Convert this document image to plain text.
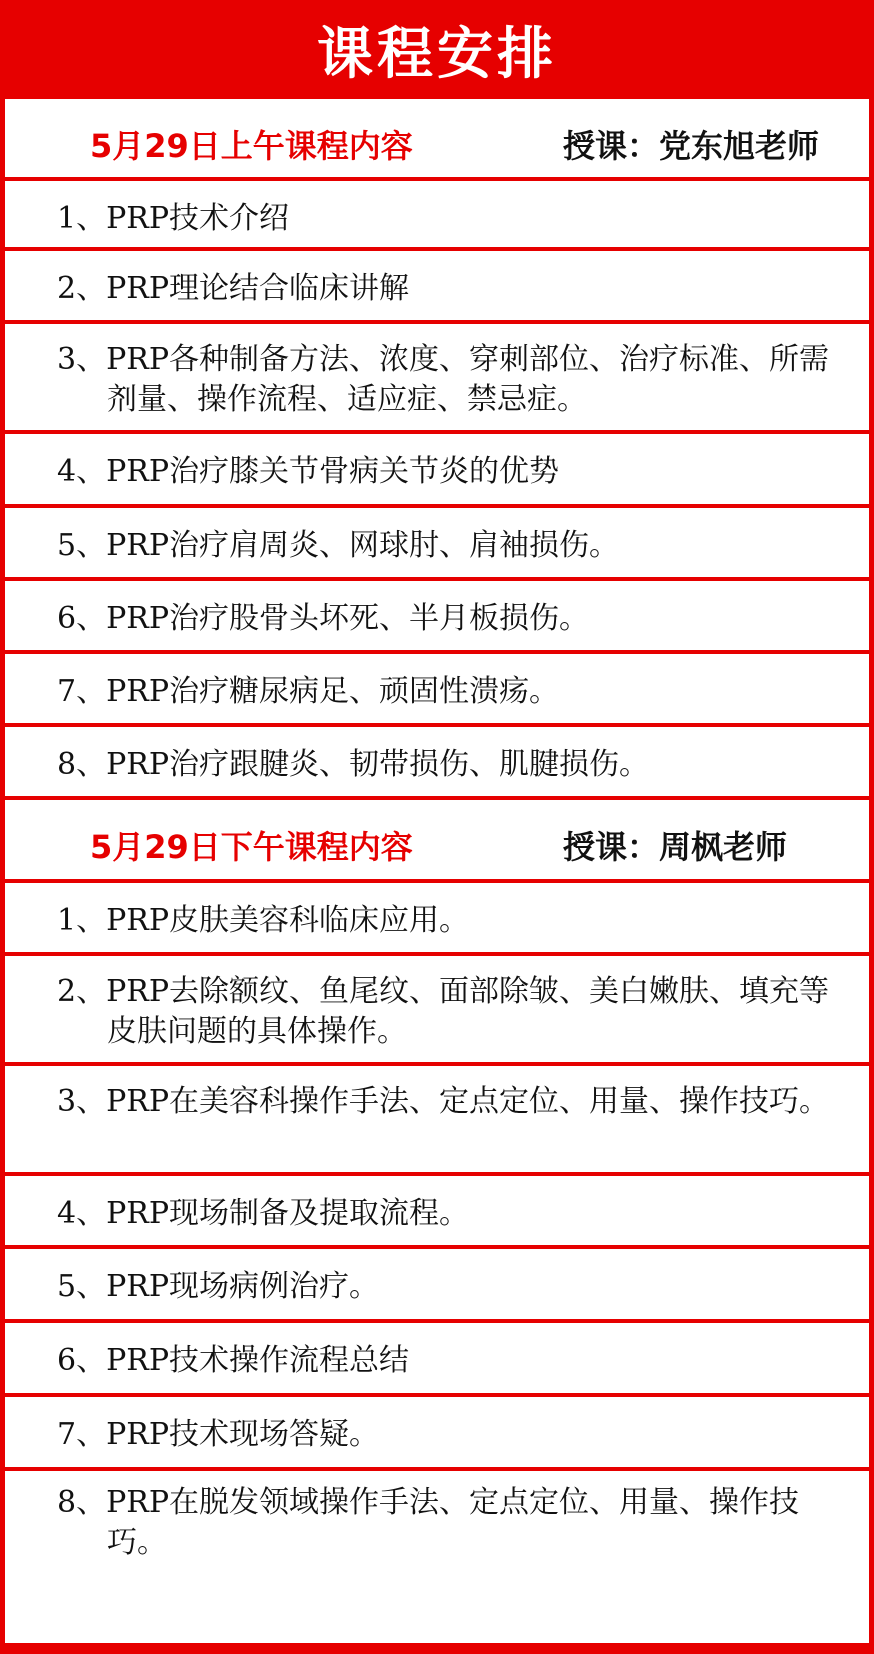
课程安排
5月29日上午课程内容	授课：党东旭老师
1、PRP技术介绍
2、PRP理论结合临床讲解
3、PRP各种制备方法、浓度、穿刺部位、治疗标准、所需剂量、操作流程、适应症、禁忌症。
4、PRP治疗膝关节骨病关节炎的优势
5、PRP治疗肩周炎、网球肘、肩袖损伤。
6、PRP治疗股骨头坏死、半月板损伤。
7、PRP治疗糖尿病足、顽固性溃疡。
8、PRP治疗跟腱炎、韧带损伤、肌腱损伤。
5月29日下午课程内容	授课：周枫老师
1、PRP皮肤美容科临床应用。
2、PRP去除额纹、鱼尾纹、面部除皱、美白嫩肤、填充等皮肤问题的具体操作。
3、PRP在美容科操作手法、定点定位、用量、操作技巧。
4、PRP现场制备及提取流程。
5、PRP现场病例治疗。
6、PRP技术操作流程总结
7、PRP技术现场答疑。
8、PRP在脱发领域操作手法、定点定位、用量、操作技巧。
